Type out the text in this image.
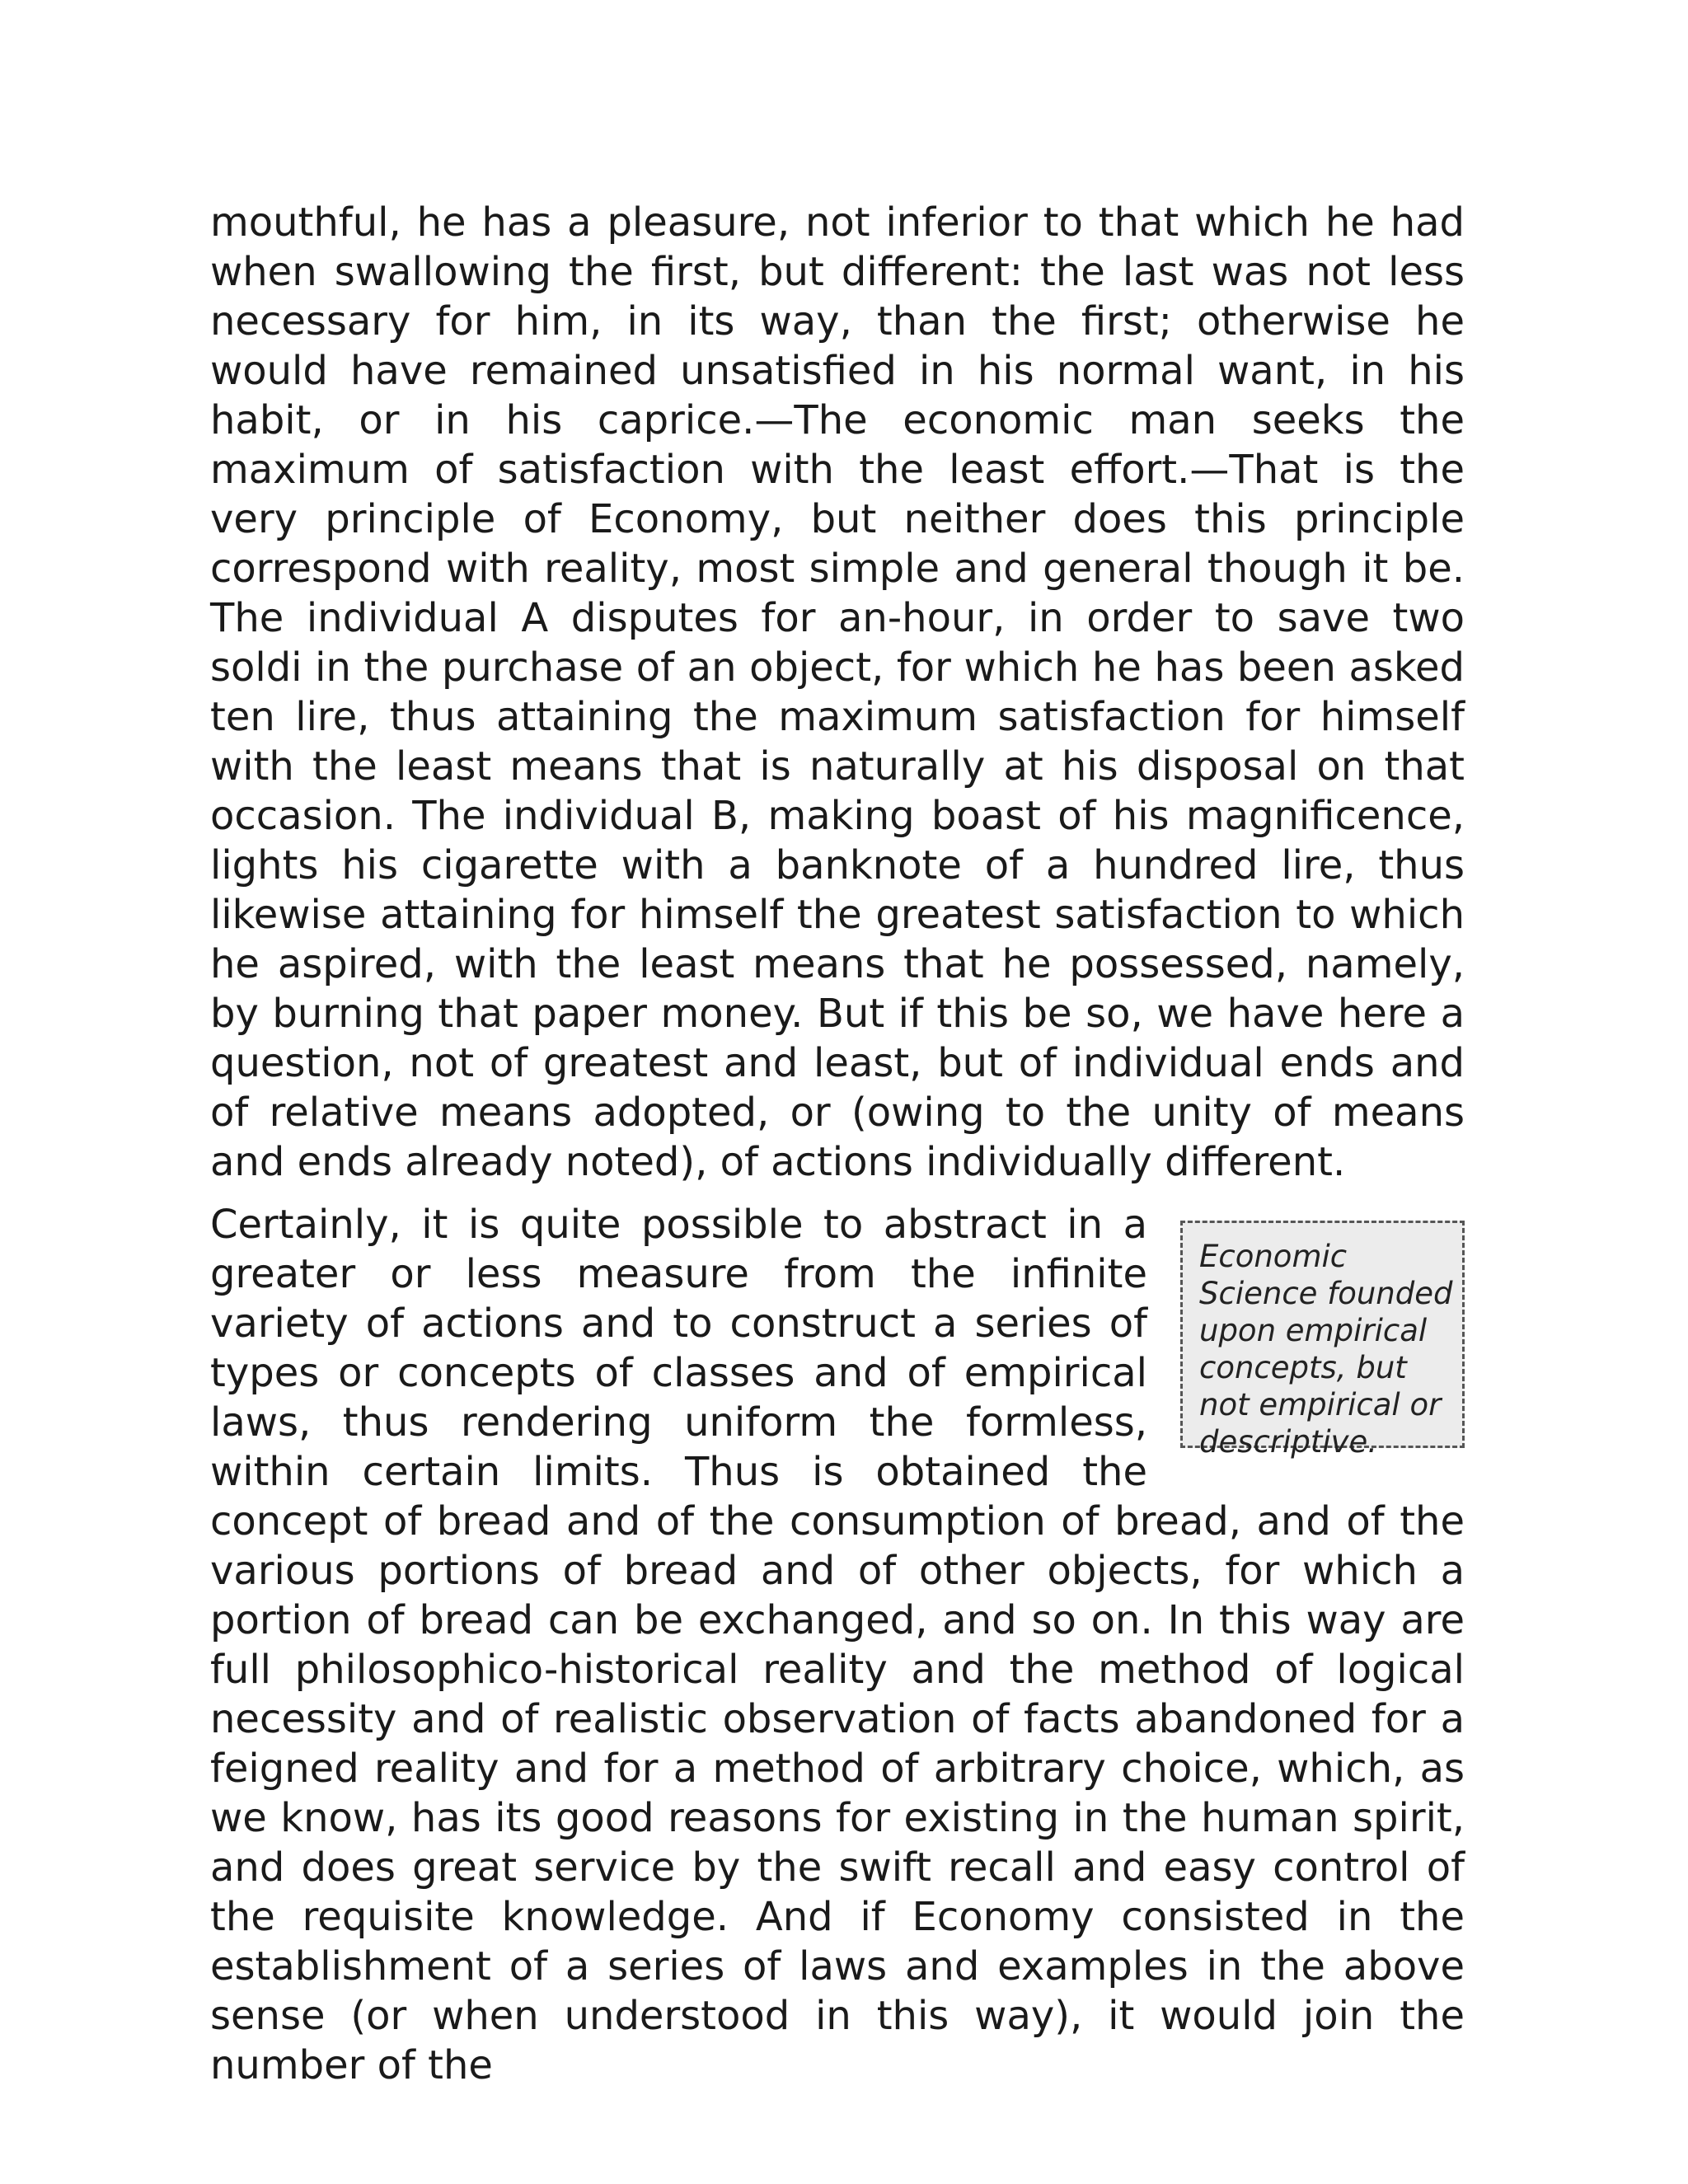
mouthful, he has a pleasure, not inferior to that which he had when swallowing the first, but different: the last was not less necessary for him, in its way, than the first; otherwise he would have remained unsatisfied in his normal want, in his habit, or in his caprice.—The economic man seeks the maximum of satisfaction with the least effort.—That is the very principle of Economy, but neither does this principle correspond with reality, most simple and general though it be. The individual A disputes for an-hour, in order to save two soldi in the purchase of an object, for which he has been asked ten lire, thus attaining the maximum satisfaction for himself with the least means that is naturally at his disposal on that occasion. The individual B, making boast of his magnificence, lights his cigarette with a banknote of a hundred lire, thus likewise attaining for himself the greatest satisfaction to which he aspired, with the least means that he possessed, namely, by burning that paper money. But if this be so, we have here a question, not of greatest and least, but of individual ends and of relative means adopted, or (owing to the unity of means and ends already noted), of actions individually different.

Economic Science founded upon empirical concepts, but not empirical or descriptive.

Certainly, it is quite possible to abstract in a greater or less measure from the infinite variety of actions and to construct a series of types or concepts of classes and of empirical laws, thus rendering uniform the formless, within certain limits. Thus is obtained the concept of bread and of the consumption of bread, and of the various portions of bread and of other objects, for which a portion of bread can be exchanged, and so on. In this way are full philosophico-historical reality and the method of logical necessity and of realistic observation of facts abandoned for a feigned reality and for a method of arbitrary choice, which, as we know, has its good reasons for existing in the human spirit, and does great service by the swift recall and easy control of the requisite knowledge. And if Economy consisted in the establishment of a series of laws and examples in the above sense (or when understood in this way), it would join the number of the
